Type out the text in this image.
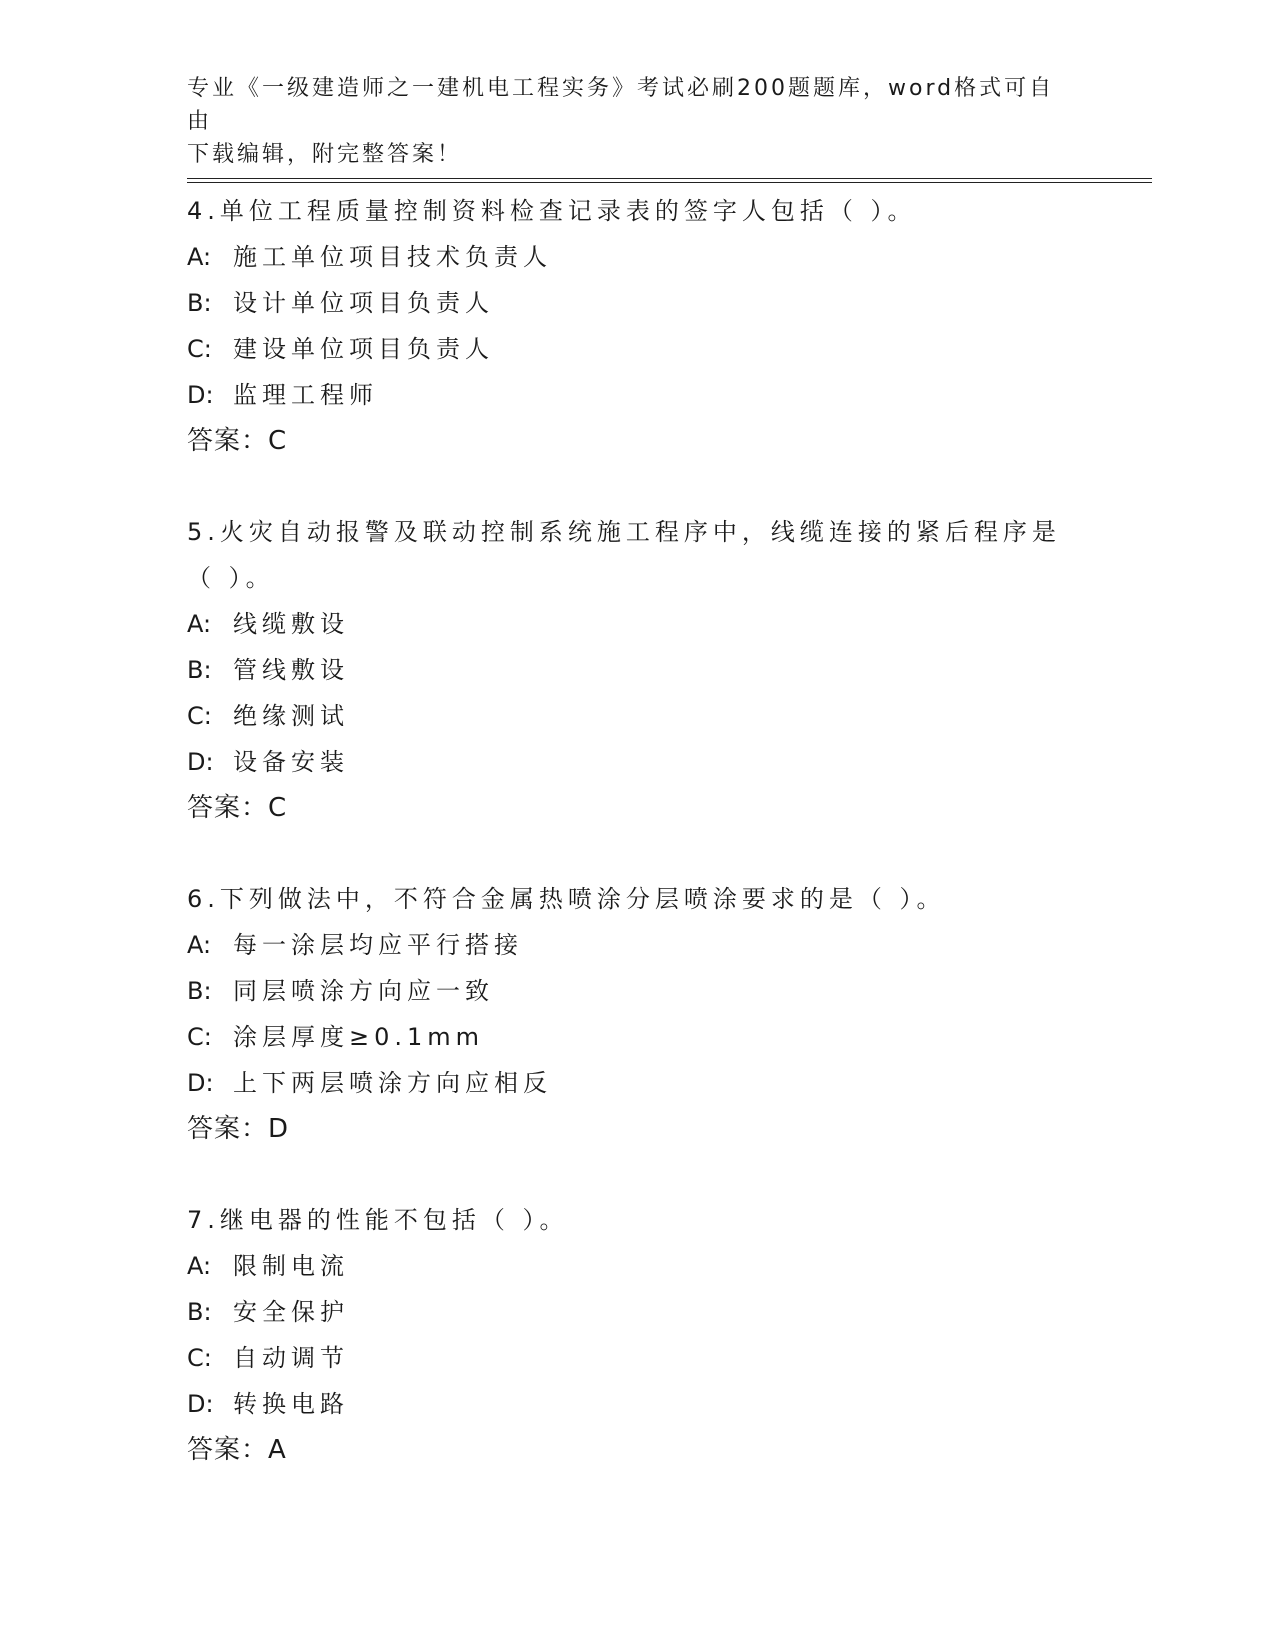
专业《一级建造师之一建机电工程实务》考试必刷200题题库，word格式可自由
下载编辑，附完整答案！

4.单位工程质量控制资料检查记录表的签字人包括（ ）。

A: 施工单位项目技术负责人
B: 设计单位项目负责人
C: 建设单位项目负责人
D: 监理工程师
答案：C

5.火灾自动报警及联动控制系统施工程序中，线缆连接的紧后程序是（ ）。

A: 线缆敷设
B: 管线敷设
C: 绝缘测试
D: 设备安装
答案：C

6.下列做法中，不符合金属热喷涂分层喷涂要求的是（ ）。

A: 每一涂层均应平行搭接
B: 同层喷涂方向应一致
C: 涂层厚度≥0.1mm
D: 上下两层喷涂方向应相反
答案：D

7.继电器的性能不包括（ ）。

A: 限制电流
B: 安全保护
C: 自动调节
D: 转换电路
答案：A
